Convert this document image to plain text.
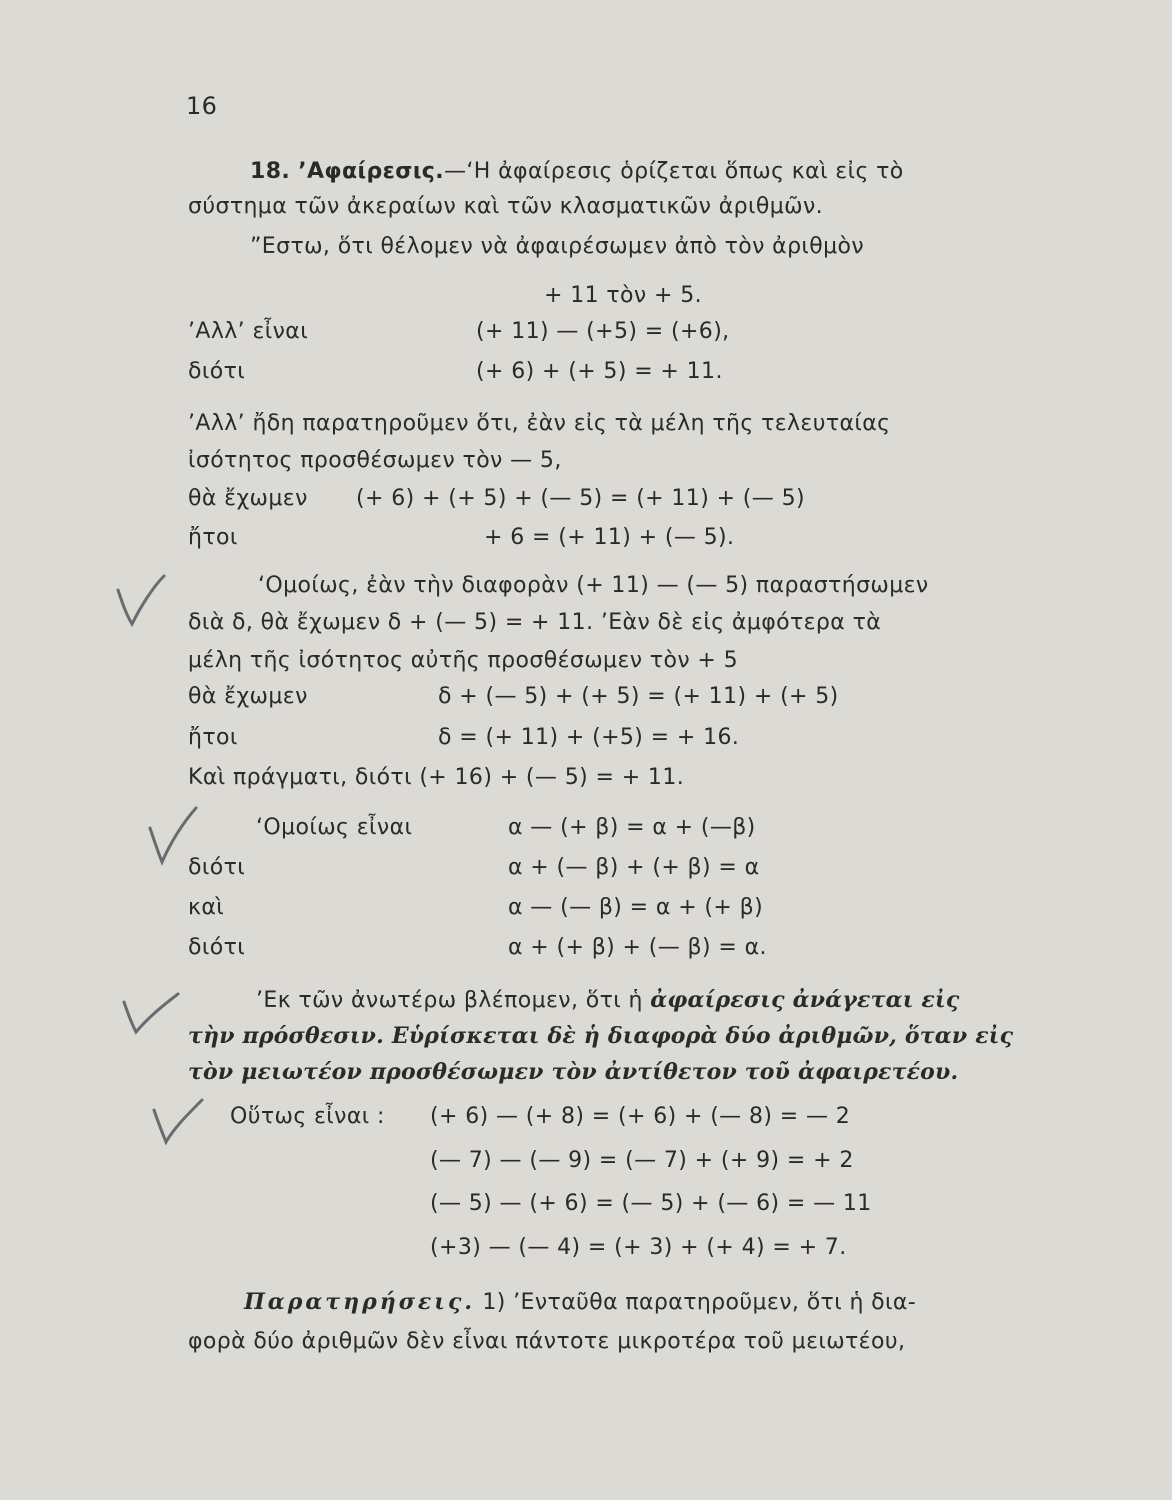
16
18. ’Αφαίρεσις.—‘Η ἀφαίρεσις ὁρίζεται ὅπως καὶ εἰς τὸ
σύστημα τῶν ἀκεραίων καὶ τῶν κλασματικῶν ἀριθμῶν.
”Εστω, ὅτι θέλομεν νὰ ἀφαιρέσωμεν ἀπὸ τὸν ἀριθμὸν
+ 11 τὸν + 5.
’Αλλ’ εἶναι	(+ 11) — (+5) = (+6),
διότι	(+ 6) + (+ 5) = + 11.
’Αλλ’ ἤδη παρατηροῦμεν ὅτι, ἐὰν εἰς τὰ μέλη τῆς τελευταίας
ἰσότητος προσθέσωμεν τὸν — 5,
θὰ ἔχωμεν (+ 6) + (+ 5) + (— 5) = (+ 11) + (— 5)
ἤτοι	+ 6 = (+ 11) + (— 5).
‘Ομοίως, ἐὰν τὴν διαφορὰν (+ 11) — (— 5) παραστήσωμεν
διὰ δ, θὰ ἔχωμεν δ + (— 5) = + 11. ’Εὰν δὲ εἰς ἀμφότερα τὰ
μέλη τῆς ἰσότητος αὐτῆς προσθέσωμεν τὸν + 5
θὰ ἔχωμεν	δ + (— 5) + (+ 5) = (+ 11) + (+ 5)
ἤτοι	δ = (+ 11) + (+5) = + 16.
Καὶ πράγματι, διότι (+ 16) + (— 5) = + 11.
‘Ομοίως εἶναι	α — (+ β) = α + (—β)
διότι	α + (— β) + (+ β) = α
καὶ	α — (— β) = α + (+ β)
διότι	α + (+ β) + (— β) = α.
’Εκ τῶν ἀνωτέρω βλέπομεν, ὅτι ἡ ἀφαίρεσις ἀνάγεται εἰς
τὴν πρόσθεσιν. Εὑρίσκεται δὲ ἡ διαφορὰ δύο ἀριθμῶν, ὅταν εἰς
τὸν μειωτέον προσθέσωμεν τὸν ἀντίθετον τοῦ ἀφαιρετέου.
Οὕτως εἶναι : (+ 6) — (+ 8) = (+ 6) + (— 8) = — 2
(— 7) — (— 9) = (— 7) + (+ 9) = + 2
(— 5) — (+ 6) = (— 5) + (— 6) = — 11
(+3) — (— 4) = (+ 3) + (+ 4) = + 7.
Παρατηρήσεις. 1) ’Ενταῦθα παρατηροῦμεν, ὅτι ἡ δια-
φορὰ δύο ἀριθμῶν δὲν εἶναι πάντοτε μικροτέρα τοῦ μειωτέου,
